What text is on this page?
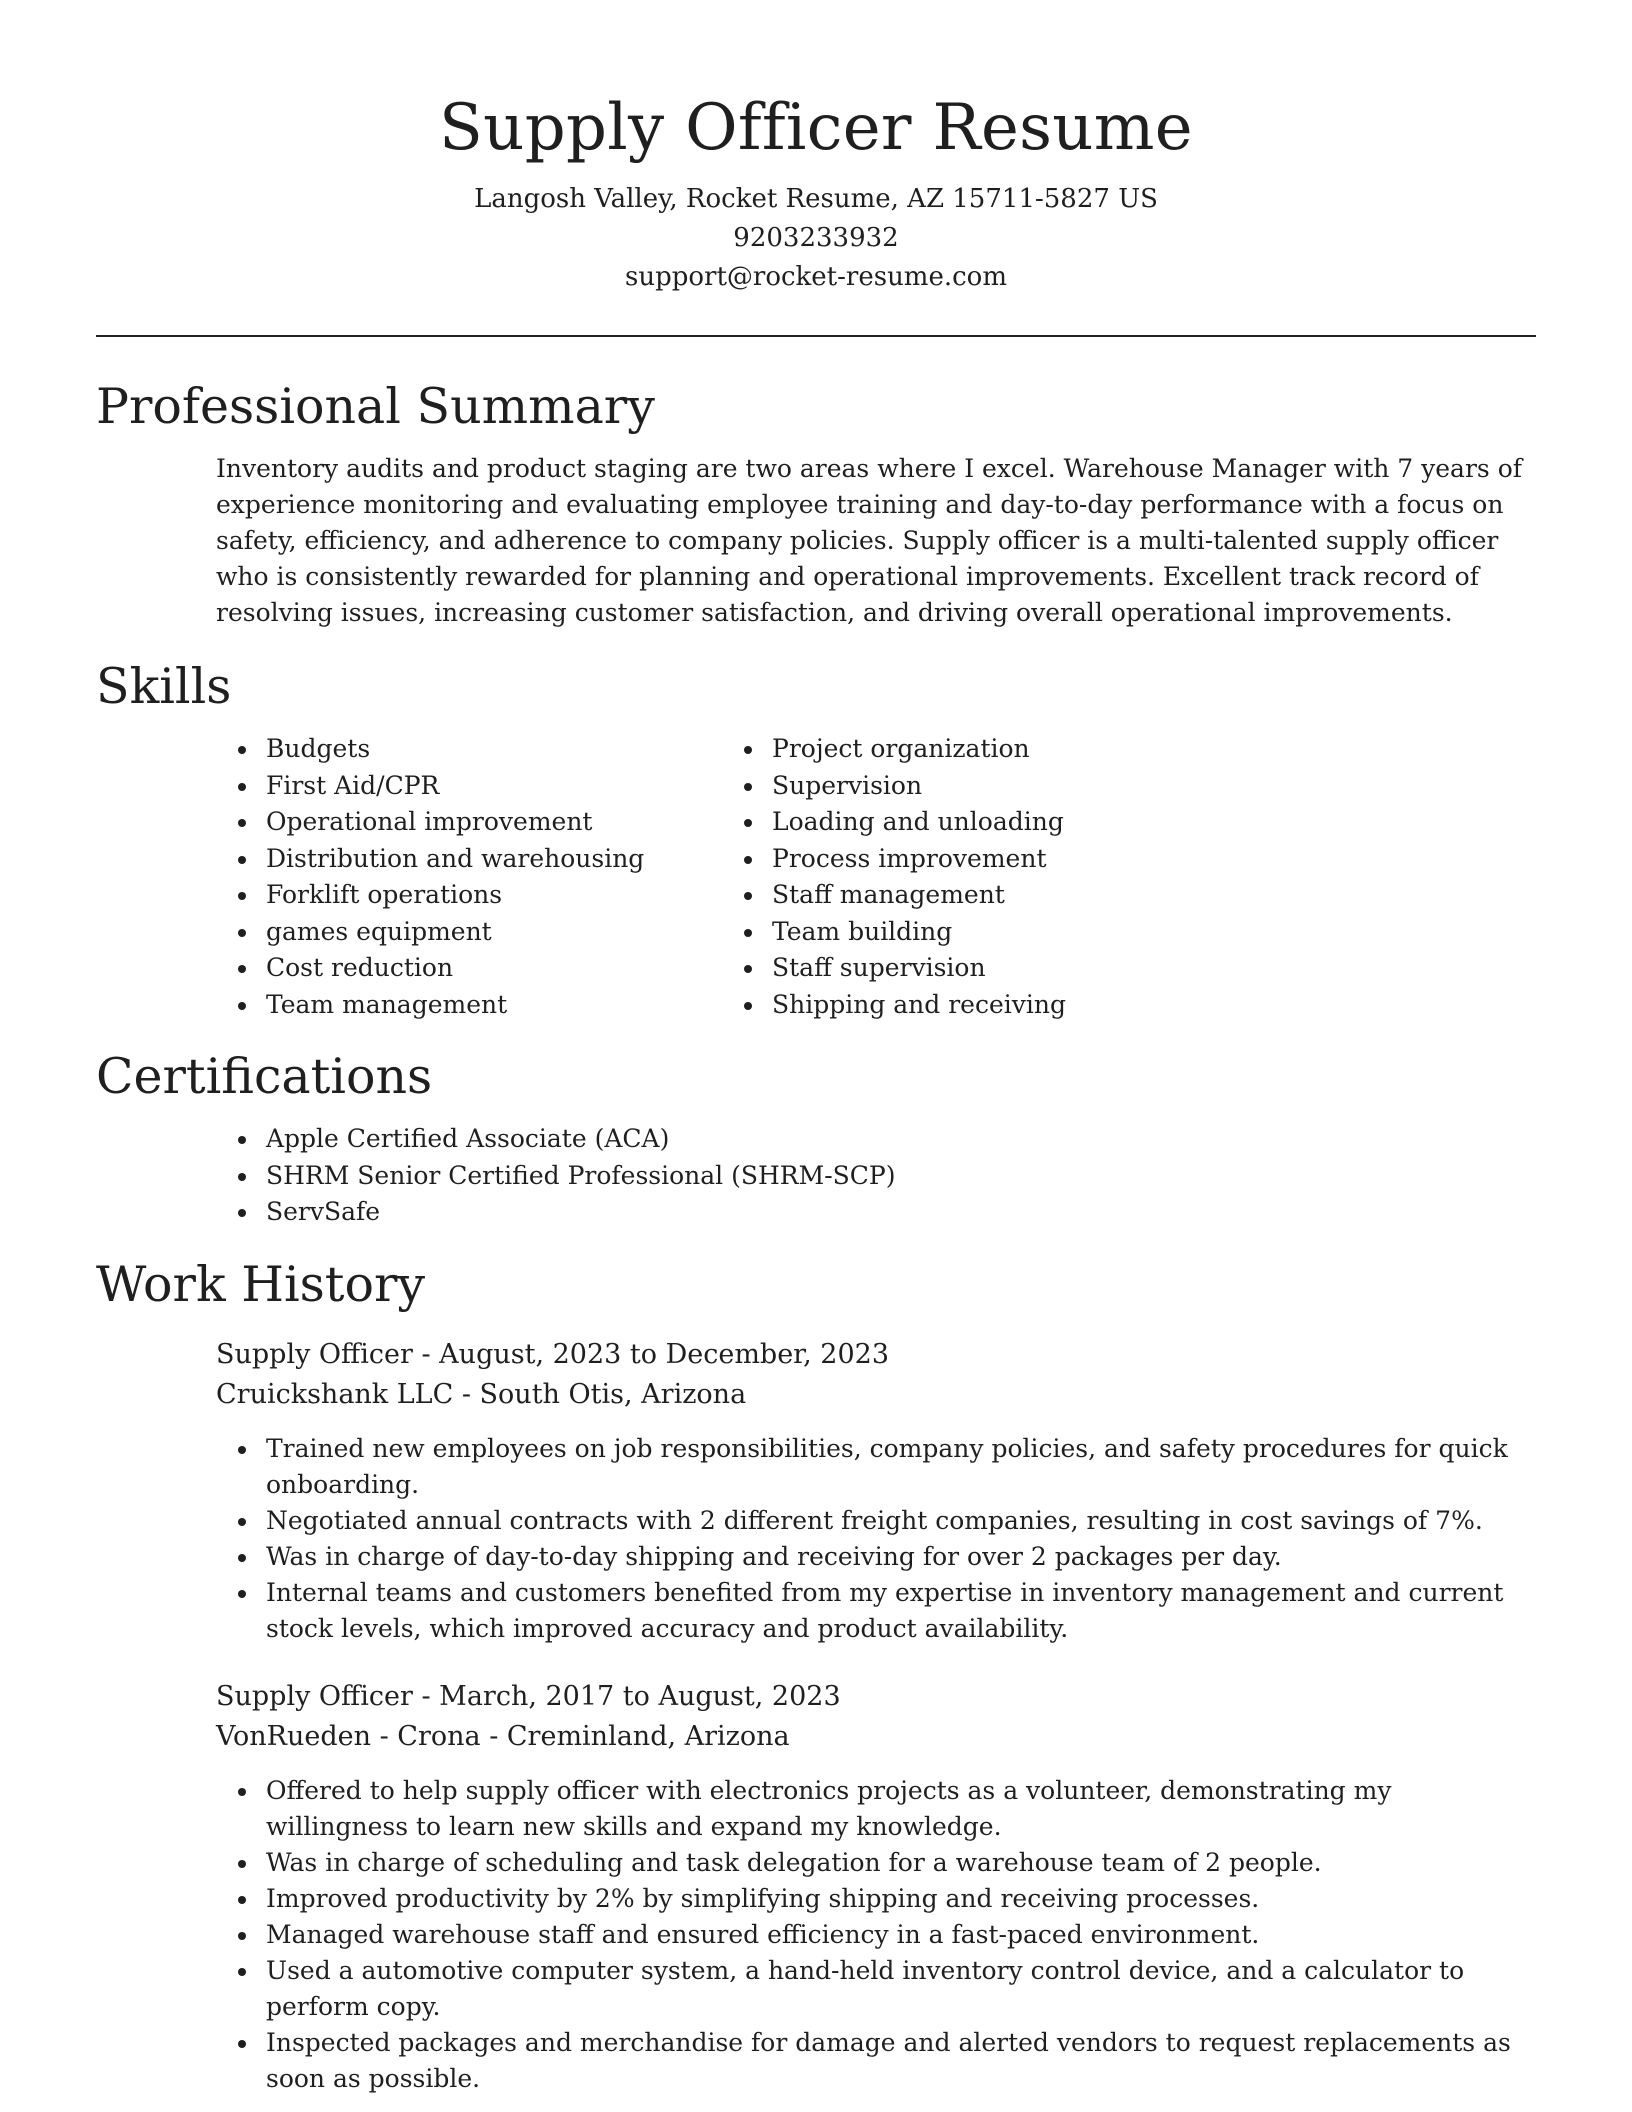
Supply Officer Resume

Langosh Valley, Rocket Resume, AZ 15711-5827 US

9203233932

support@rocket-resume.com

Professional Summary

Inventory audits and product staging are two areas where I excel. Warehouse Manager with 7 years of experience monitoring and evaluating employee training and day-to-day performance with a focus on safety, efficiency, and adherence to company policies. Supply officer is a multi-talented supply officer who is consistently rewarded for planning and operational improvements. Excellent track record of resolving issues, increasing customer satisfaction, and driving overall operational improvements.

Skills
• Budgets
• First Aid/CPR
• Operational improvement
• Distribution and warehousing
• Forklift operations
• games equipment
• Cost reduction
• Team management
• Project organization
• Supervision
• Loading and unloading
• Process improvement
• Staff management
• Team building
• Staff supervision
• Shipping and receiving
Certifications
• Apple Certified Associate (ACA)
• SHRM Senior Certified Professional (SHRM-SCP)
• ServSafe
Work History

Supply Officer - August, 2023 to December, 2023

Cruickshank LLC - South Otis, Arizona

• Trained new employees on job responsibilities, company policies, and safety procedures for quick onboarding.
• Negotiated annual contracts with 2 different freight companies, resulting in cost savings of 7%.
• Was in charge of day-to-day shipping and receiving for over 2 packages per day.
• Internal teams and customers benefited from my expertise in inventory management and current stock levels, which improved accuracy and product availability.

Supply Officer - March, 2017 to August, 2023

VonRueden - Crona - Creminland, Arizona

• Offered to help supply officer with electronics projects as a volunteer, demonstrating my willingness to learn new skills and expand my knowledge.
• Was in charge of scheduling and task delegation for a warehouse team of 2 people.
• Improved productivity by 2% by simplifying shipping and receiving processes.
• Managed warehouse staff and ensured efficiency in a fast-paced environment.
• Used a automotive computer system, a hand-held inventory control device, and a calculator to perform copy.
• Inspected packages and merchandise for damage and alerted vendors to request replacements as soon as possible.
